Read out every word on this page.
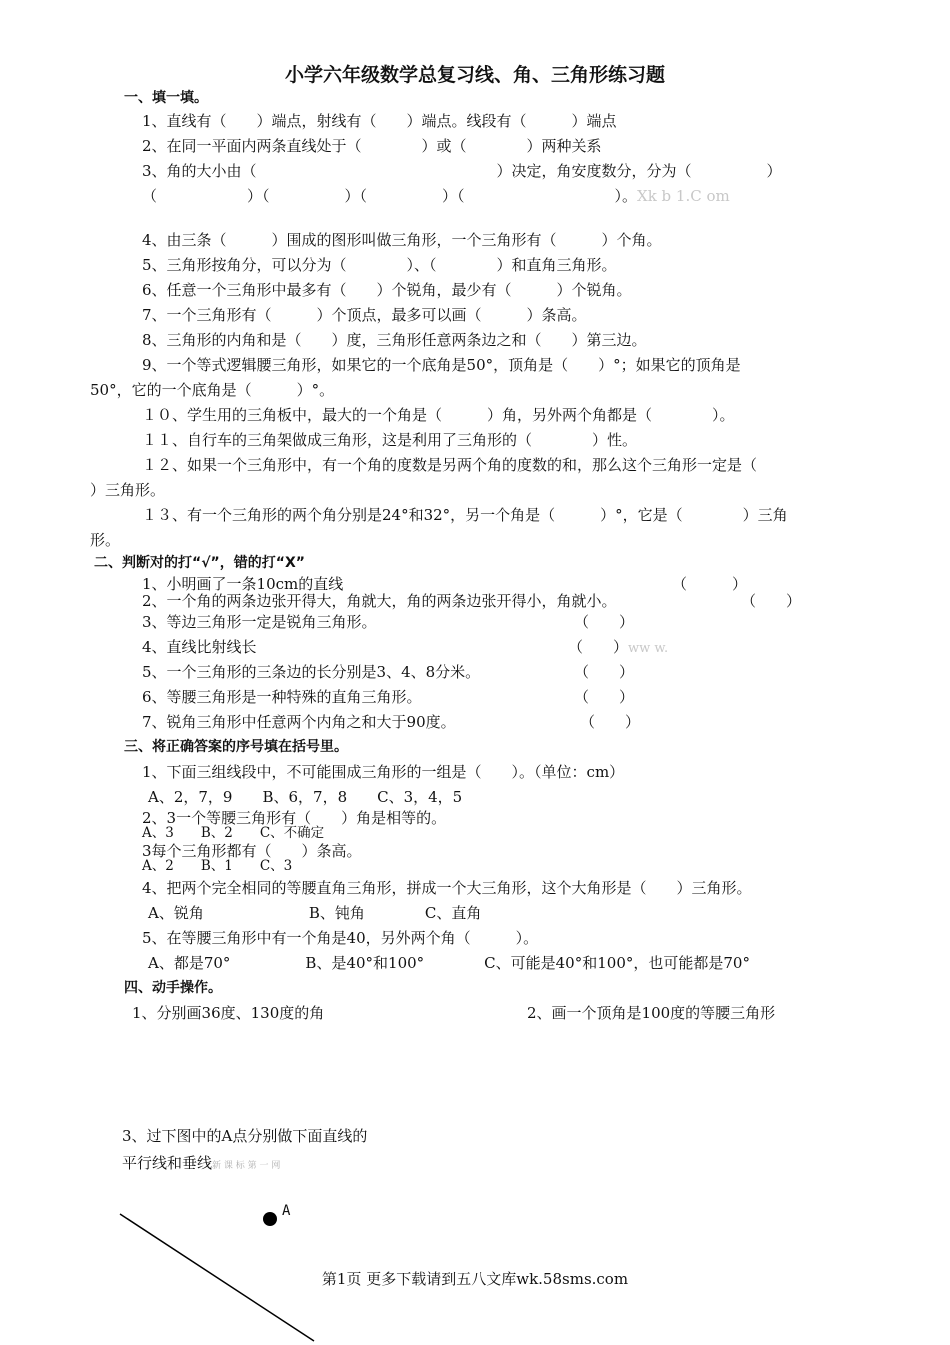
小学六年级数学总复习线、角、三角形练习题
一、填一填。
1、直线有（　　）端点，射线有（　　）端点。线段有（　　　）端点
2、在同一平面内两条直线处于（　　　　）或（　　　　）两种关系
3、角的大小由（　　　　　　　　　　　　　　　　）决定，角安度数分，分为（　　　　　）
（　　　　　　）（　　　　　）（　　　　　）（　　　　　　　　　　）。Xk b 1.C om
4、由三条（　　　）围成的图形叫做三角形，一个三角形有（　　　）个角。
5、三角形按角分，可以分为（　　　　）、（　　　　）和直角三角形。
6、任意一个三角形中最多有（　　）个锐角，最少有（　　　）个锐角。
7、一个三角形有（　　　）个顶点，最多可以画（　　　）条高。
8、三角形的内角和是（　　）度，三角形任意两条边之和（　　）第三边。
9、一个等式逻辑腰三角形，如果它的一个底角是50°，顶角是（　　）°；如果它的顶角是
50°，它的一个底角是（　　　）°。
１０、学生用的三角板中，最大的一个角是（　　　）角，另外两个角都是（　　　　）。
１１、自行车的三角架做成三角形，这是利用了三角形的（　　　　）性。
１２、如果一个三角形中，有一个角的度数是另两个角的度数的和，那么这个三角形一定是（
）三角形。
１３、有一个三角形的两个角分别是24°和32°，另一个角是（　　　）°，它是（　　　　）三角
形。
二、判断对的打“√”，错的打“X”
1、小明画了一条10cm的直线	（　　　）
2、一个角的两条边张开得大，角就大，角的两条边张开得小，角就小。	（　　）
3、等边三角形一定是锐角三角形。	（　　）
4、直线比射线长	（　　）ww w.
5、一个三角形的三条边的长分别是3、4、8分米。	（　　）
6、等腰三角形是一种特殊的直角三角形。	（　　）
7、锐角三角形中任意两个内角之和大于90度。	（　　）
三、将正确答案的序号填在括号里。
1、下面三组线段中，不可能围成三角形的一组是（　　）。（单位：cm）
A、2，7，9　　B、6，7，8　　C、3，4，5
2、3一个等腰三角形有（　　）角是相等的。
A、3　　B、2　　C、不确定
3每个三角形都有（　　）条高。
A、2　　B、1　　C、3
4、把两个完全相同的等腰直角三角形，拼成一个大三角形，这个大角形是（　　）三角形。
A、锐角　　　　　　　B、钝角　　　　C、直角
5、在等腰三角形中有一个角是40，另外两个角（　　　）。
A、都是70°　　　　　B、是40°和100°　　　　C、可能是40°和100°，也可能都是70°
四、动手操作。
1、分别画36度、130度的角	2、画一个顶角是100度的等腰三角形
3、过下图中的A点分别做下面直线的
平行线和垂线新 课 标 第 一 网
A
第1页 更多下载请到五八文库wk.58sms.com
